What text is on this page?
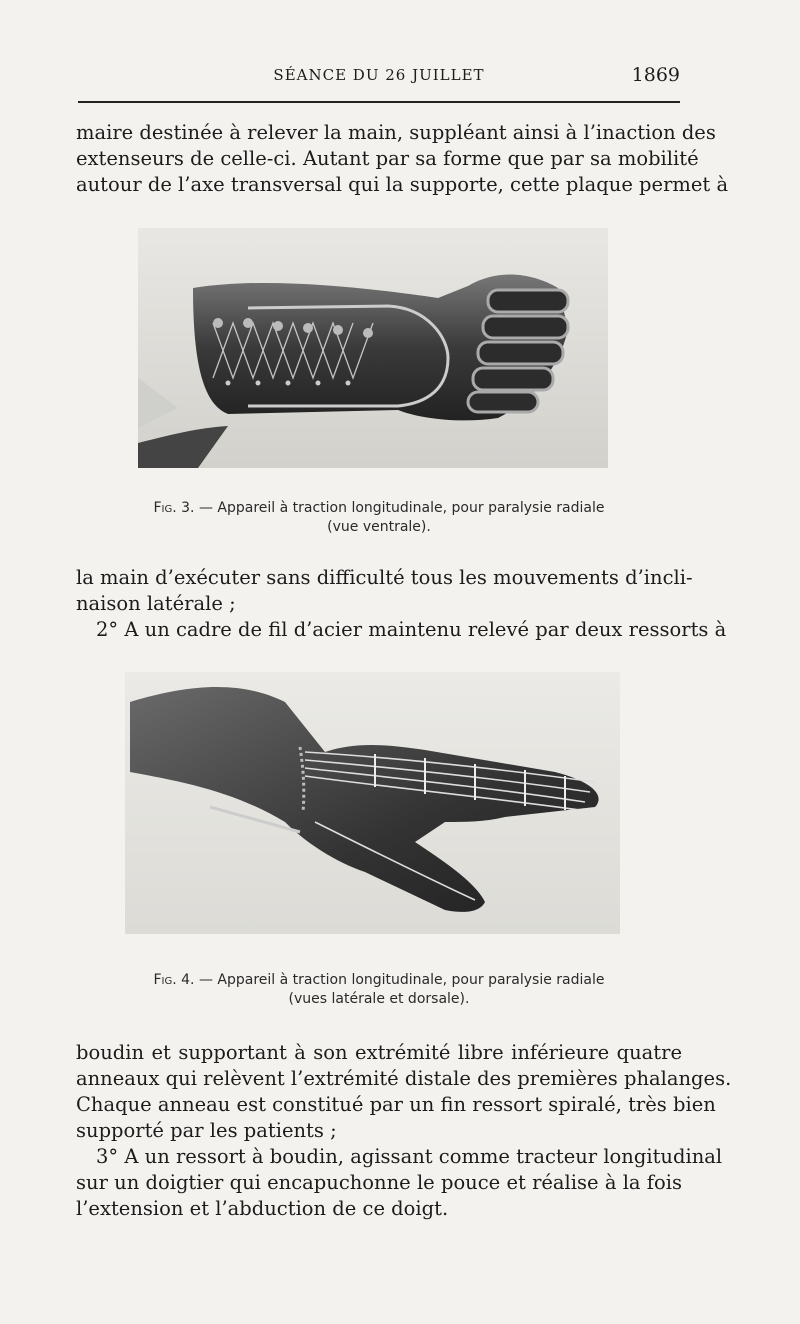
SÉANCE DU 26 JUILLET	1869

maire destinée à relever la main, suppléant ainsi à l’inaction des
extenseurs de celle-ci. Autant par sa forme que par sa mobilité
autour de l’axe transversal qui la supporte, cette plaque permet à

Fig. 3. — Appareil à traction longitudinale, pour paralysie radiale
(vue ventrale).

la main d’exécuter sans difficulté tous les mouvements d’incli-
naison latérale ;

2° A un cadre de fil d’acier maintenu relevé par deux ressorts à

Fig. 4. — Appareil à traction longitudinale, pour paralysie radiale
(vues latérale et dorsale).

boudin et supportant à son extrémité libre inférieure quatre
anneaux qui relèvent l’extrémité distale des premières phalanges.
Chaque anneau est constitué par un fin ressort spiralé, très bien
supporté par les patients ;

3° A un ressort à boudin, agissant comme tracteur longitudinal
sur un doigtier qui encapuchonne le pouce et réalise à la fois
l’extension et l’abduction de ce doigt.
